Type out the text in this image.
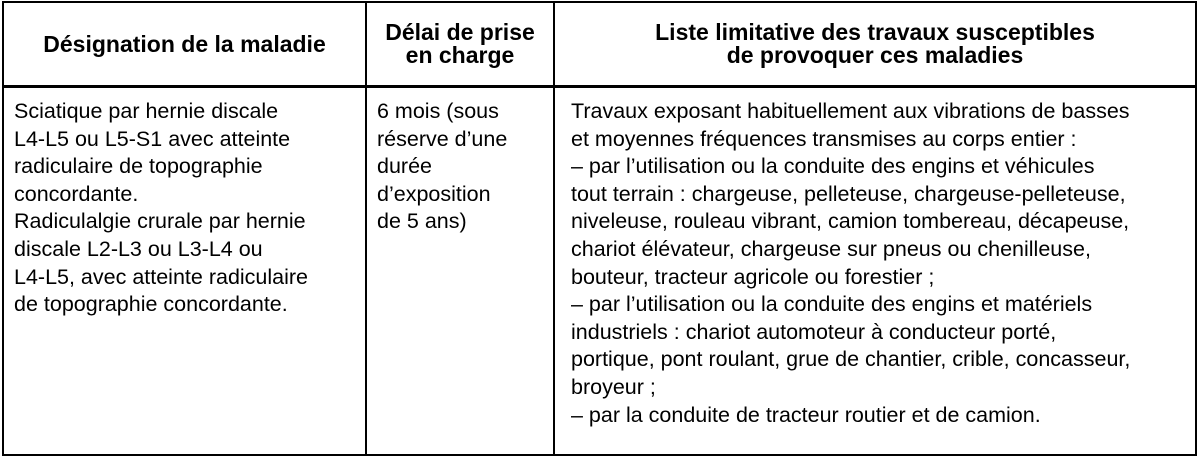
Désignation de la maladie	Délai de prise
en charge
Liste limitative des travaux susceptibles
de provoquer ces maladies
Sciatique par hernie discale
L4-L5 ou L5-S1 avec atteinte
radiculaire de topographie
concordante.
Radiculalgie crurale par hernie
discale L2-L3 ou L3-L4 ou
L4-L5, avec atteinte radiculaire
de topographie concordante.
6 mois (sous
réserve d’une
durée
d’exposition
de 5 ans)
Travaux exposant habituellement aux vibrations de basses
et moyennes fréquences transmises au corps entier :
– par l’utilisation ou la conduite des engins et véhicules
tout terrain : chargeuse, pelleteuse, chargeuse-pelleteuse,
niveleuse, rouleau vibrant, camion tombereau, décapeuse,
chariot élévateur, chargeuse sur pneus ou chenilleuse,
bouteur, tracteur agricole ou forestier ;
– par l’utilisation ou la conduite des engins et matériels
industriels : chariot automoteur à conducteur porté,
portique, pont roulant, grue de chantier, crible, concasseur,
broyeur ;
– par la conduite de tracteur routier et de camion.
